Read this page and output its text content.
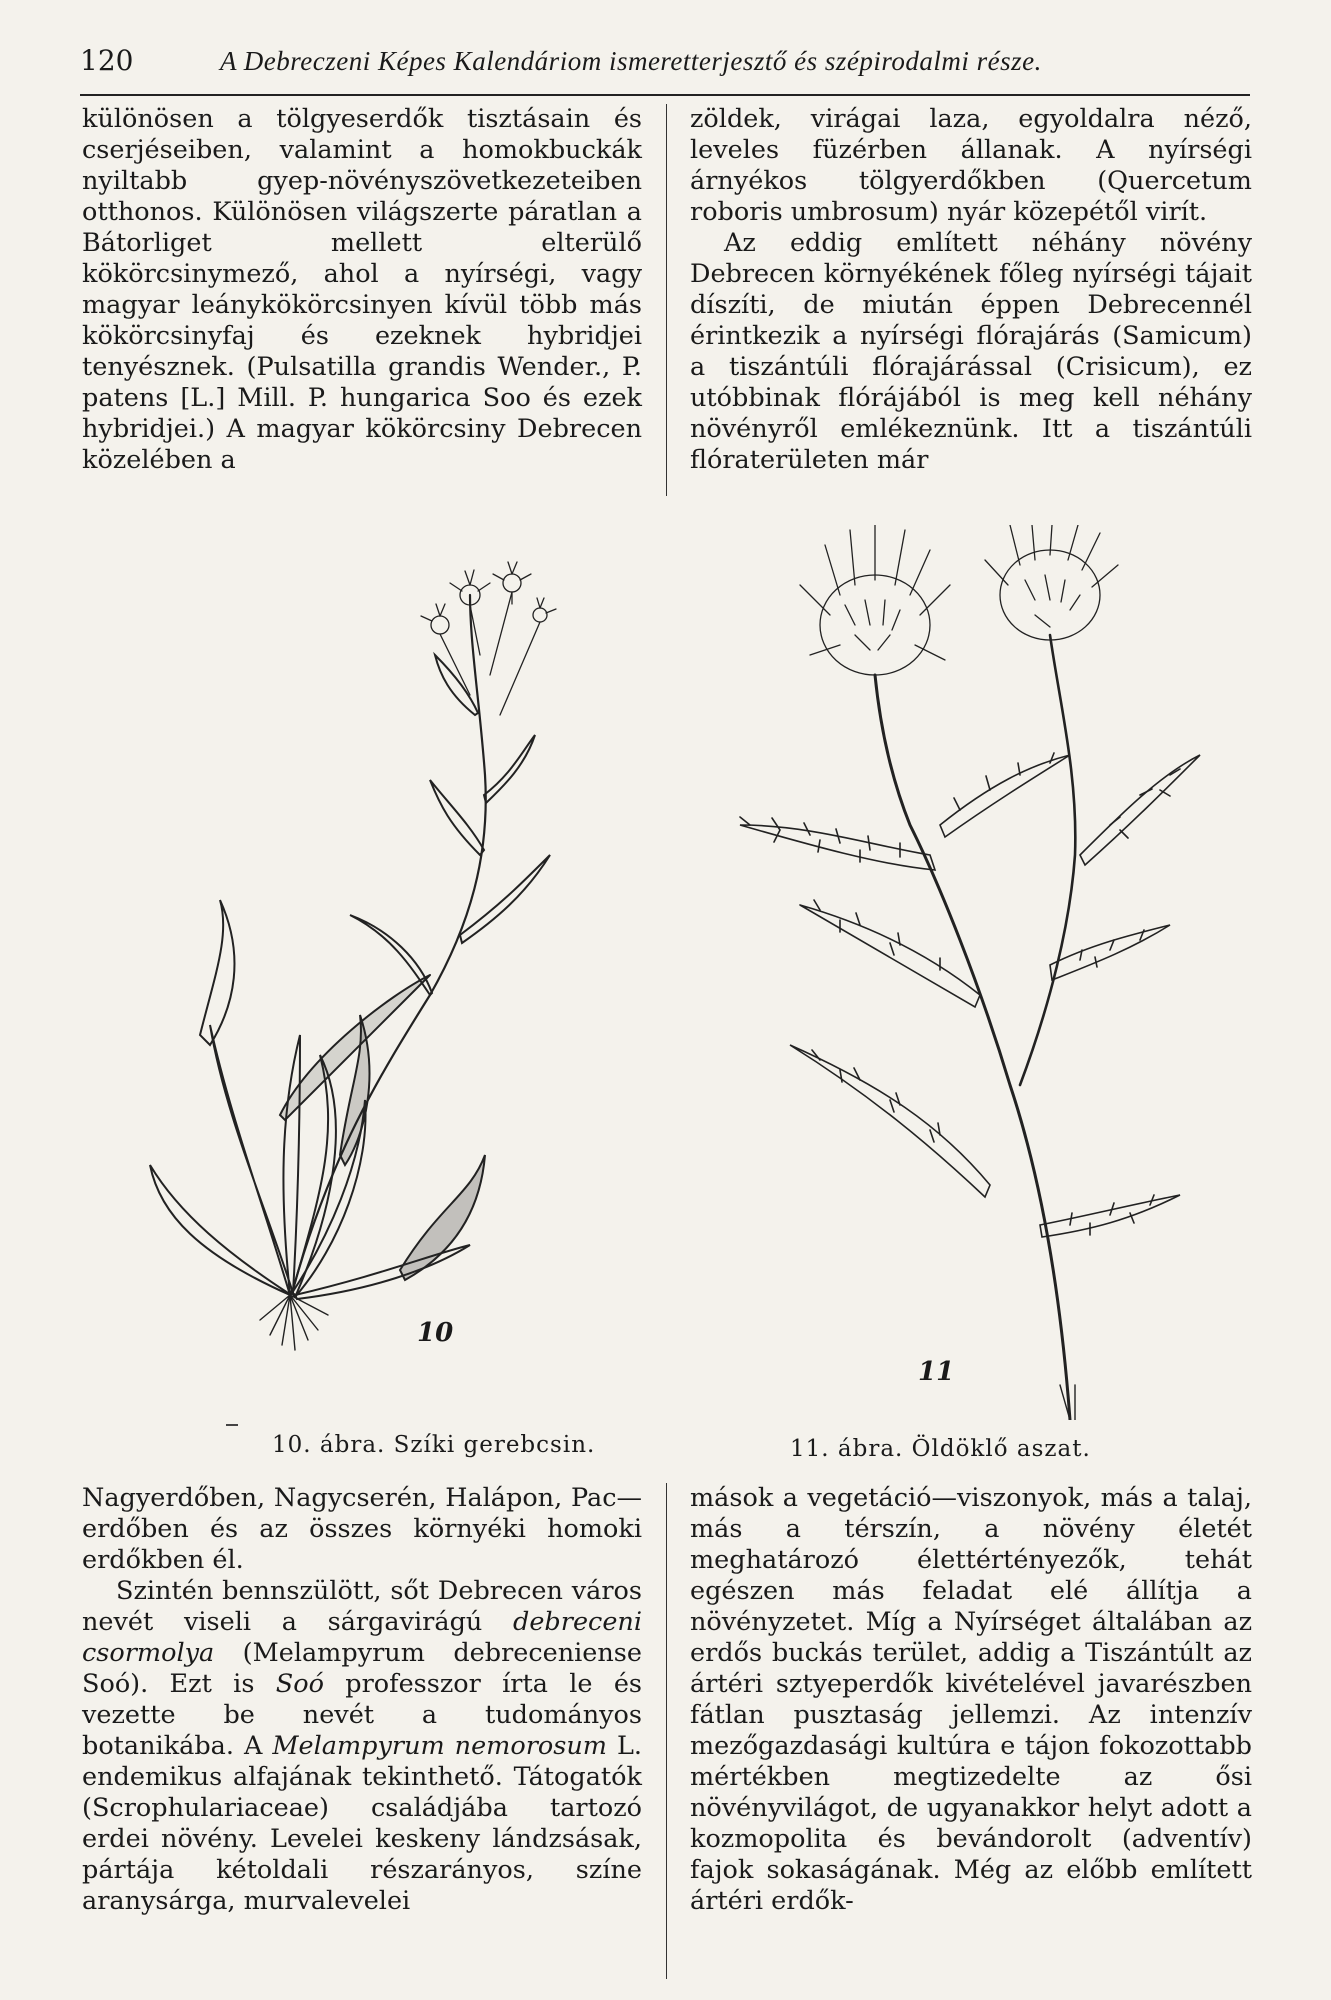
120	A Debreczeni Képes Kalendáriom ismeretterjesztő és szépirodalmi része.

különösen a tölgyeserdők tisztásain és cserjéseiben, valamint a homokbuckák nyiltabb gyep-növényszövetkezeteiben otthonos. Különösen világszerte páratlan a Bátorliget mellett elterülő kökörcsinymező, ahol a nyírségi, vagy magyar leánykökörcsinyen kívül több más kökörcsinyfaj és ezeknek hybridjei tenyésznek. (Pulsatilla grandis Wender., P. patens [L.] Mill. P. hungarica Soo és ezek hybridjei.) A magyar kökörcsiny Debrecen közelében a

zöldek, virágai laza, egyoldalra néző, leveles füzérben állanak. A nyírségi árnyékos tölgyerdőkben (Quercetum roboris umbrosum) nyár közepétől virít.

Az eddig említett néhány növény Debrecen környékének főleg nyírségi tájait díszíti, de miután éppen Debrecennél érintkezik a nyírségi flórajárás (Samicum) a tiszántúli flórajárással (Crisicum), ez utóbbinak flórájából is meg kell néhány növényről emlékeznünk. Itt a tiszántúli flóraterületen már

10
11
10. ábra. Szíki gerebcsin.	11. ábra. Öldöklő aszat.

Nagyerdőben, Nagycserén, Halápon, Pac—erdőben és az összes környéki homoki erdőkben él.

Szintén bennszülött, sőt Debrecen város nevét viseli a sárgavirágú debreceni csormolya (Melampyrum debreceniense Soó). Ezt is Soó professzor írta le és vezette be nevét a tudományos botanikába. A Melampyrum nemorosum L. endemikus alfajának tekinthető. Tátogatók (Scrophulariaceae) családjába tartozó erdei növény. Levelei keskeny lándzsásak, pártája kétoldali részarányos, színe aranysárga, murvalevelei

mások a vegetáció—viszonyok, más a talaj, más a térszín, a növény életét meghatározó élettértényezők, tehát egészen más feladat elé állítja a növényzetet. Míg a Nyírséget általában az erdős buckás terület, addig a Tiszántúlt az ártéri sztyeperdők kivételével javarészben fátlan pusztaság jellemzi. Az intenzív mezőgazdasági kultúra e tájon fokozottabb mértékben megtizedelte az ősi növényvilágot, de ugyanakkor helyt adott a kozmopolita és bevándorolt (adventív) fajok sokaságának. Még az előbb említett ártéri erdők-
